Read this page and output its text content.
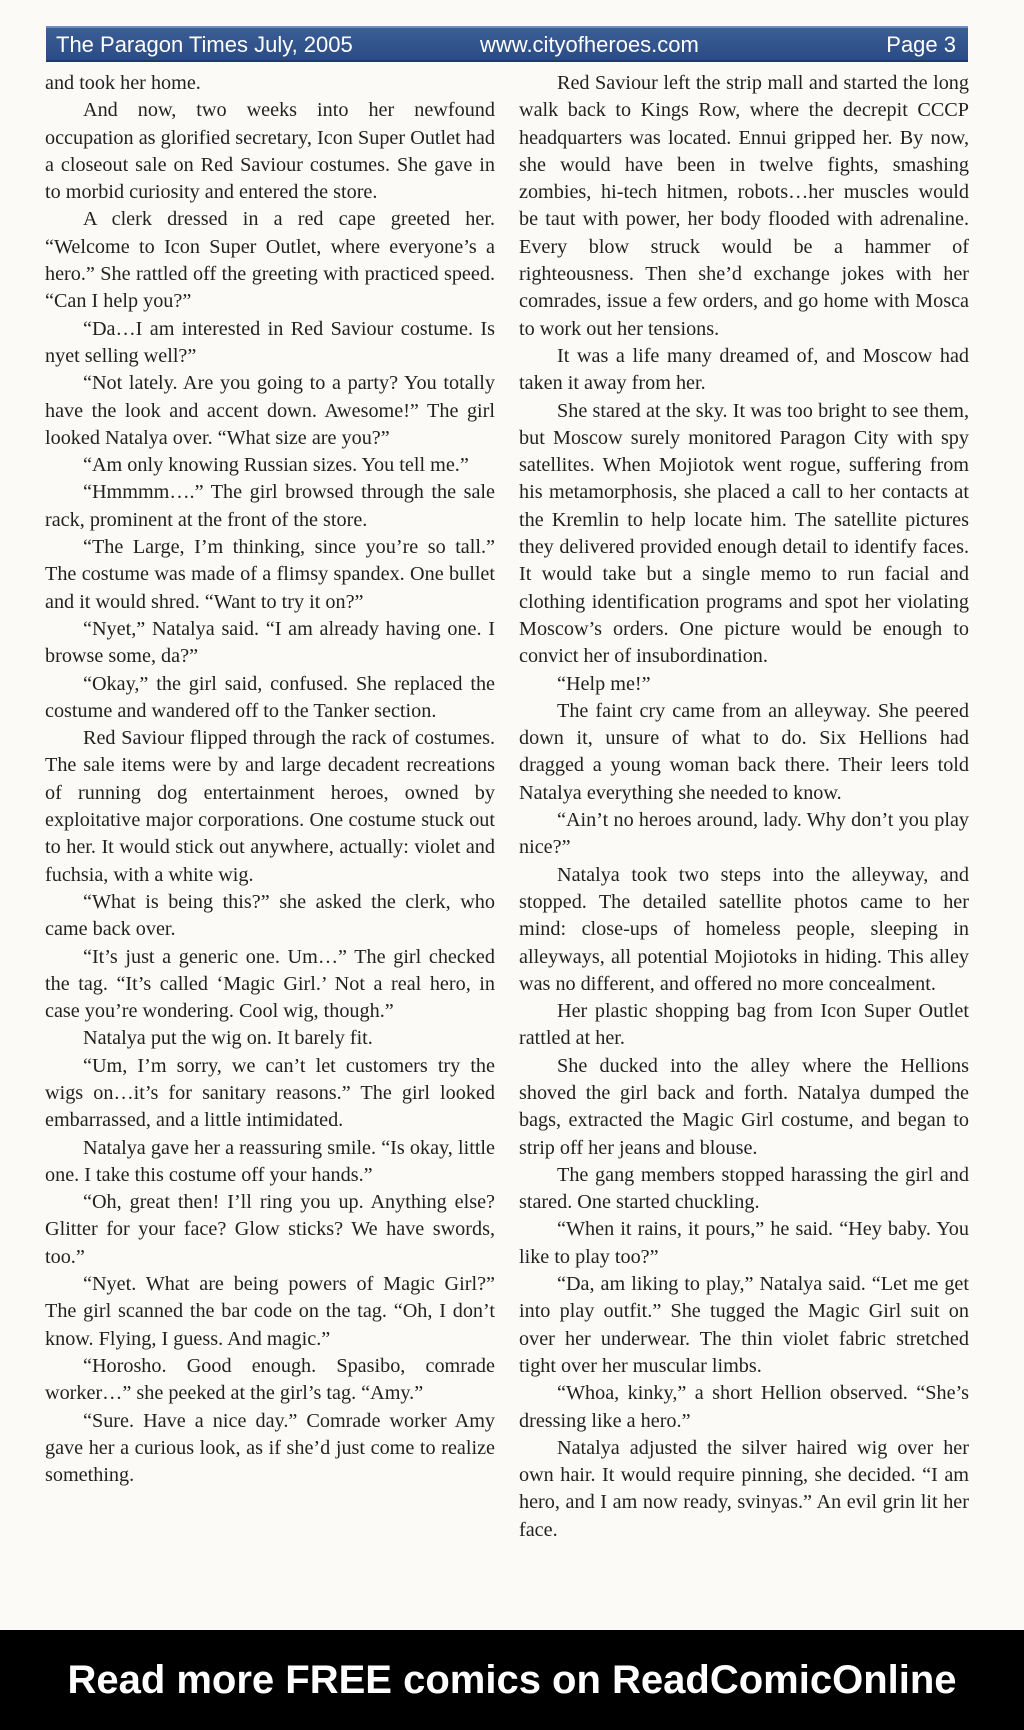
The Paragon Times July, 2005	www.cityofheroes.com	Page 3

and took her home.

And now, two weeks into her newfound occupation as glorified secretary, Icon Super Outlet had a closeout sale on Red Saviour costumes. She gave in to morbid curiosity and entered the store.

A clerk dressed in a red cape greeted her. “Welcome to Icon Super Outlet, where everyone’s a hero.” She rattled off the greeting with practiced speed. “Can I help you?”

“Da…I am interested in Red Saviour costume. Is nyet selling well?”

“Not lately. Are you going to a party? You totally have the look and accent down. Awesome!” The girl looked Natalya over. “What size are you?”

“Am only knowing Russian sizes. You tell me.”

“Hmmmm….” The girl browsed through the sale rack, prominent at the front of the store.

“The Large, I’m thinking, since you’re so tall.” The costume was made of a flimsy spandex. One bullet and it would shred. “Want to try it on?”

“Nyet,” Natalya said. “I am already having one. I browse some, da?”

“Okay,” the girl said, confused. She replaced the costume and wandered off to the Tanker section.

Red Saviour flipped through the rack of costumes. The sale items were by and large decadent recreations of running dog entertainment heroes, owned by exploitative major corporations. One costume stuck out to her. It would stick out anywhere, actually: violet and fuchsia, with a white wig.

“What is being this?” she asked the clerk, who came back over.

“It’s just a generic one. Um…” The girl checked the tag. “It’s called ‘Magic Girl.’ Not a real hero, in case you’re wondering. Cool wig, though.”

Natalya put the wig on. It barely fit.

“Um, I’m sorry, we can’t let customers try the wigs on…it’s for sanitary reasons.” The girl looked embarrassed, and a little intimidated.

Natalya gave her a reassuring smile. “Is okay, little one. I take this costume off your hands.”

“Oh, great then! I’ll ring you up. Anything else? Glitter for your face? Glow sticks? We have swords, too.”

“Nyet. What are being powers of Magic Girl?” The girl scanned the bar code on the tag. “Oh, I don’t know. Flying, I guess. And magic.”

“Horosho. Good enough. Spasibo, comrade worker…” she peeked at the girl’s tag. “Amy.”

“Sure. Have a nice day.” Comrade worker Amy gave her a curious look, as if she’d just come to realize something.

Red Saviour left the strip mall and started the long walk back to Kings Row, where the decrepit CCCP headquarters was located. Ennui gripped her. By now, she would have been in twelve fights, smashing zombies, hi-tech hitmen, robots…her muscles would be taut with power, her body flooded with adrenaline. Every blow struck would be a hammer of righteousness. Then she’d exchange jokes with her comrades, issue a few orders, and go home with Mosca to work out her tensions.

It was a life many dreamed of, and Moscow had taken it away from her.

She stared at the sky. It was too bright to see them, but Moscow surely monitored Paragon City with spy satellites. When Mojiotok went rogue, suffering from his metamorphosis, she placed a call to her contacts at the Kremlin to help locate him. The satellite pictures they delivered provided enough detail to identify faces. It would take but a single memo to run facial and clothing identification programs and spot her violating Moscow’s orders. One picture would be enough to convict her of insubordination.

“Help me!”

The faint cry came from an alleyway. She peered down it, unsure of what to do. Six Hellions had dragged a young woman back there. Their leers told Natalya everything she needed to know.

“Ain’t no heroes around, lady. Why don’t you play nice?”

Natalya took two steps into the alleyway, and stopped. The detailed satellite photos came to her mind: close-ups of homeless people, sleeping in alleyways, all potential Mojiotoks in hiding. This alley was no different, and offered no more concealment.

Her plastic shopping bag from Icon Super Outlet rattled at her.

She ducked into the alley where the Hellions shoved the girl back and forth. Natalya dumped the bags, extracted the Magic Girl costume, and began to strip off her jeans and blouse.

The gang members stopped harassing the girl and stared. One started chuckling.

“When it rains, it pours,” he said. “Hey baby. You like to play too?”

“Da, am liking to play,” Natalya said. “Let me get into play outfit.” She tugged the Magic Girl suit on over her underwear. The thin violet fabric stretched tight over her muscular limbs.

“Whoa, kinky,” a short Hellion observed. “She’s dressing like a hero.”

Natalya adjusted the silver haired wig over her own hair. It would require pinning, she decided. “I am hero, and I am now ready, svinyas.” An evil grin lit her face.

Read more FREE comics on ReadComicOnline
